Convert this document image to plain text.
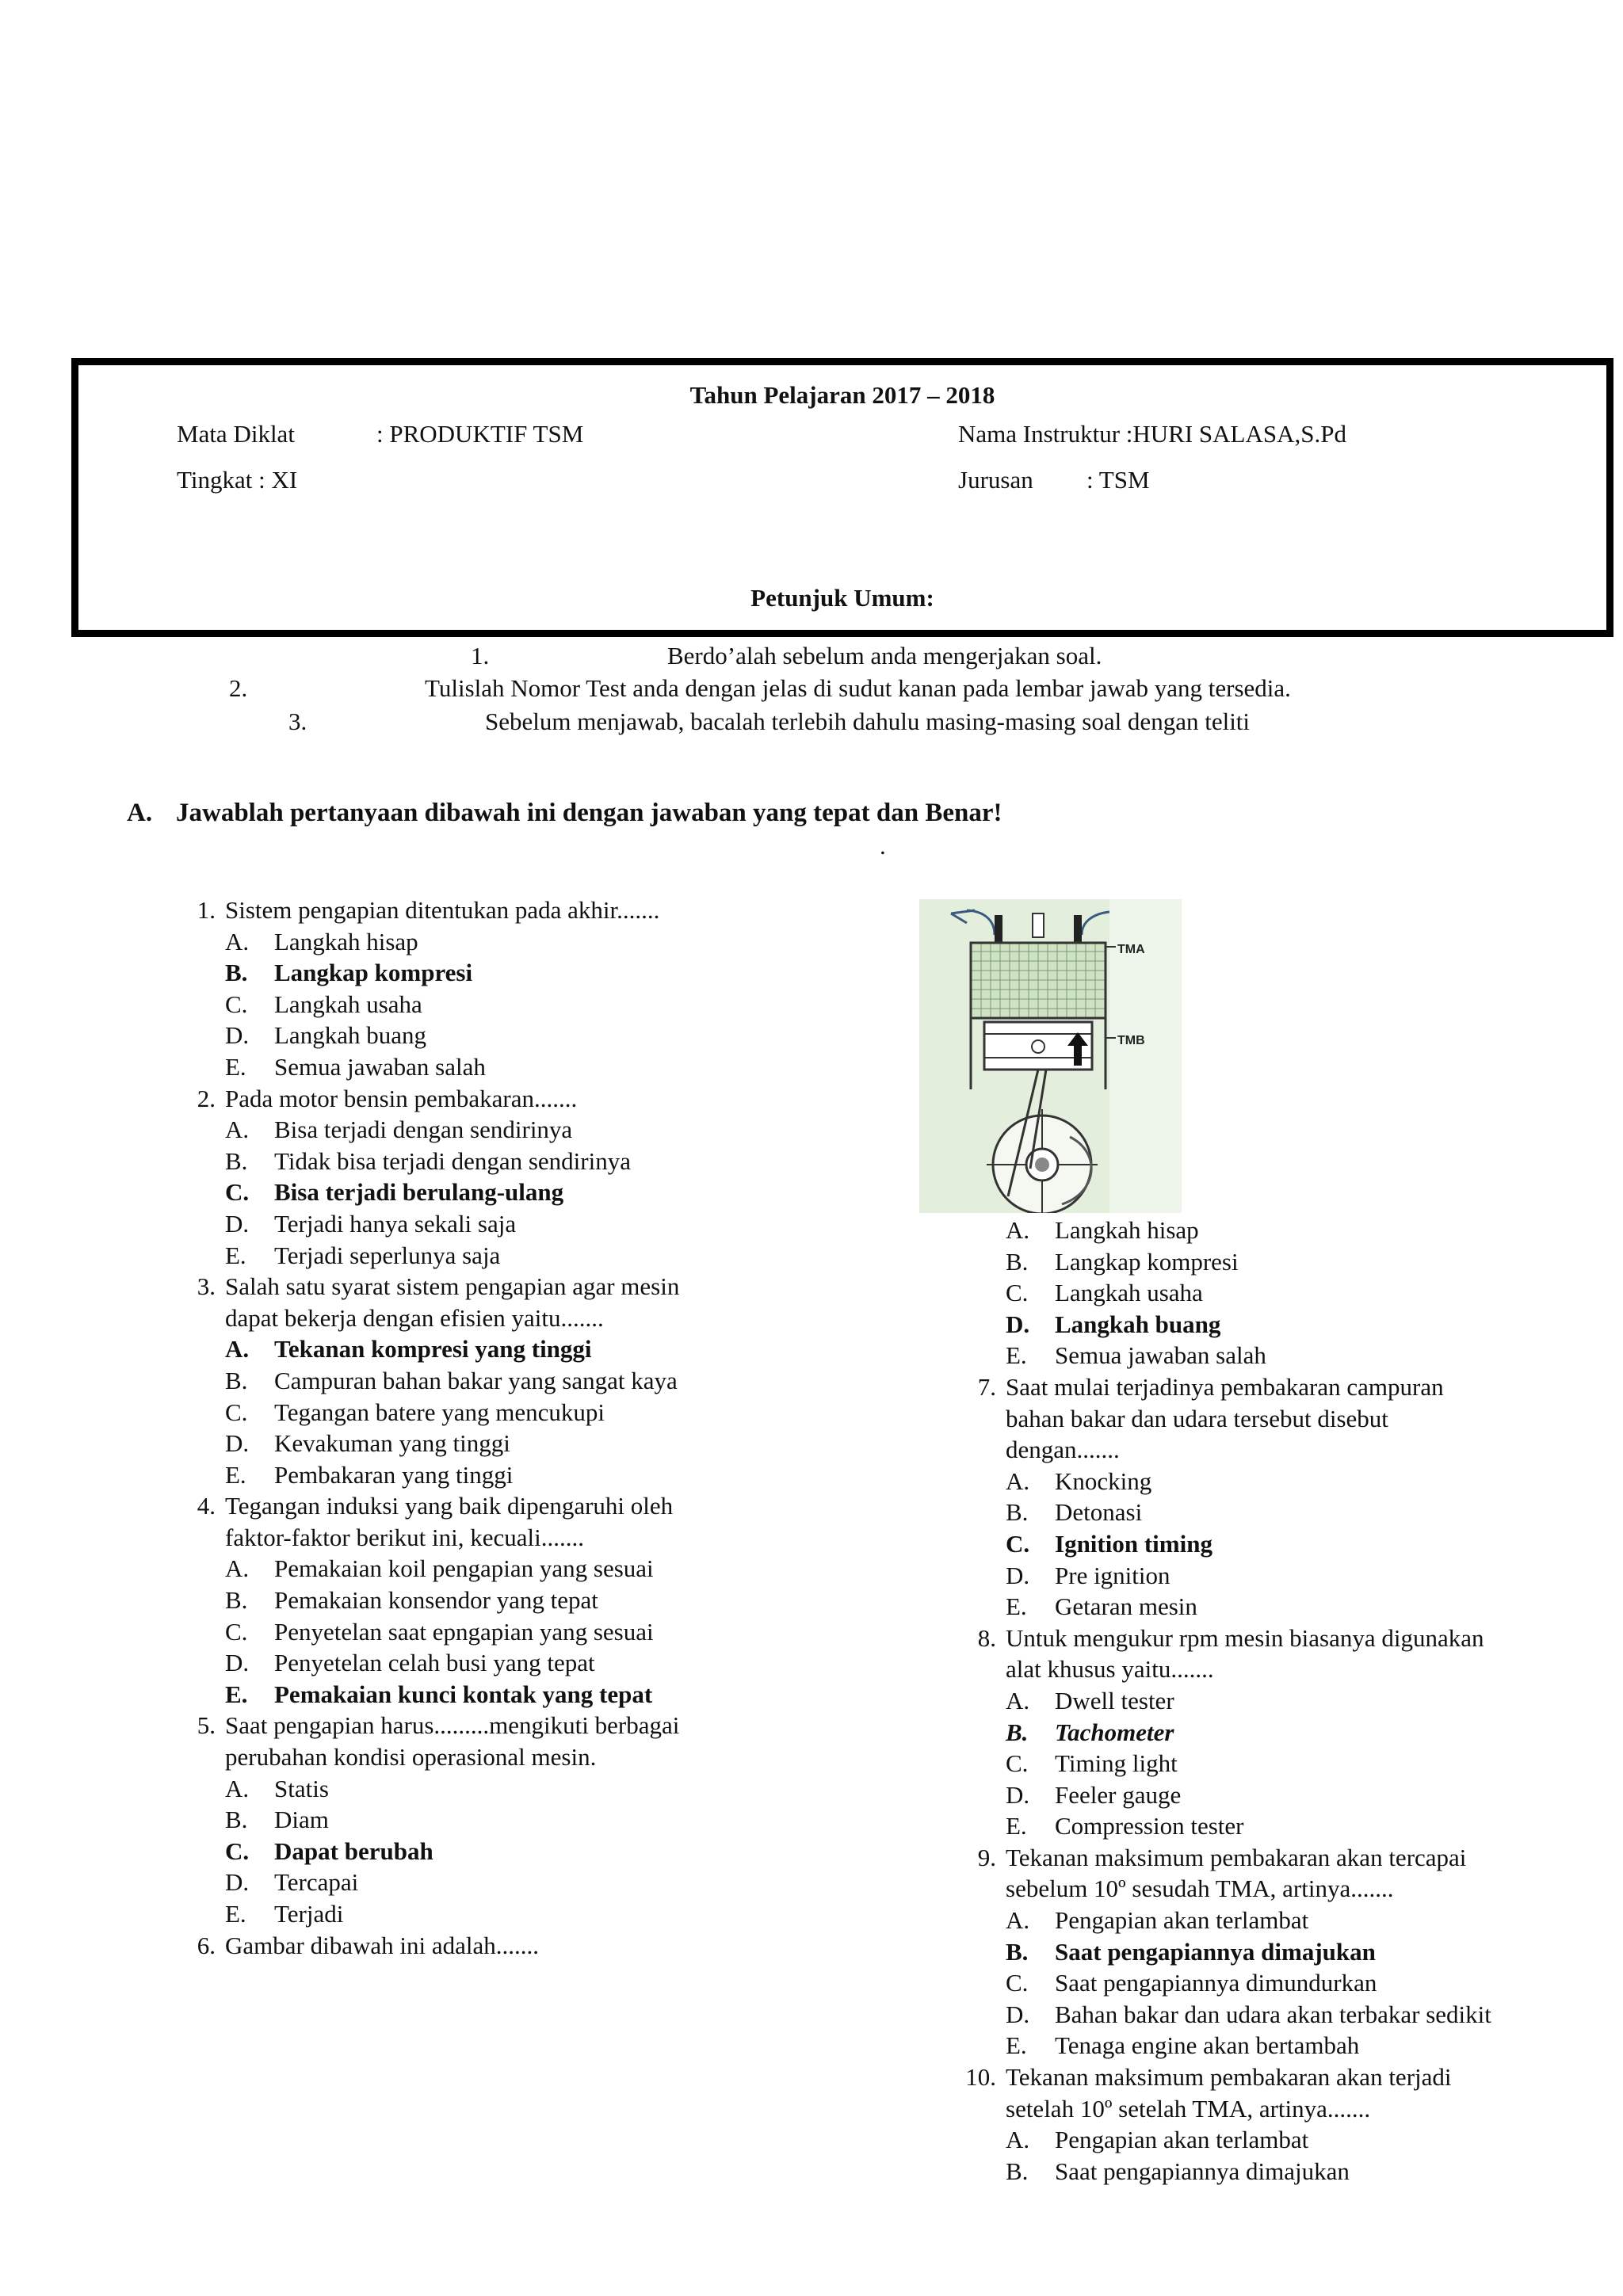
Tahun Pelajaran 2017 – 2018
Mata Diklat	: PRODUKTIF TSM	Nama Instruktur :HURI SALASA,S.Pd
Tingkat : XI	Jurusan : TSM
Petunjuk Umum:
1.	Berdo’alah sebelum anda mengerjakan soal.
2.	Tulislah Nomor Test anda dengan jelas di sudut kanan pada lembar jawab yang tersedia.
3.	Sebelum menjawab, bacalah terlebih dahulu masing-masing soal dengan teliti
A. Jawablah pertanyaan dibawah ini dengan jawaban yang tepat dan Benar!
.
1. Sistem pengapian ditentukan pada akhir.......
A. Langkah hisap
B. Langkap kompresi
C. Langkah usaha
D. Langkah buang
E. Semua jawaban salah
2. Pada motor bensin pembakaran.......
A. Bisa terjadi dengan sendirinya
B. Tidak bisa terjadi dengan sendirinya
C. Bisa terjadi berulang-ulang
D. Terjadi hanya sekali saja
E. Terjadi seperlunya saja
3. Salah satu syarat sistem pengapian agar mesin
dapat bekerja dengan efisien yaitu.......
A. Tekanan kompresi yang tinggi
B. Campuran bahan bakar yang sangat kaya
C. Tegangan batere yang mencukupi
D. Kevakuman yang tinggi
E. Pembakaran yang tinggi
4. Tegangan induksi yang baik dipengaruhi oleh
faktor-faktor berikut ini, kecuali.......
A. Pemakaian koil pengapian yang sesuai
B. Pemakaian konsendor yang tepat
C. Penyetelan saat epngapian yang sesuai
D. Penyetelan celah busi yang tepat
E. Pemakaian kunci kontak yang tepat
5. Saat pengapian harus.........mengikuti berbagai
perubahan kondisi operasional mesin.
A. Statis
B. Diam
C. Dapat berubah
D. Tercapai
E. Terjadi
6. Gambar dibawah ini adalah.......
TMA
TMB
A. Langkah hisap
B. Langkap kompresi
C. Langkah usaha
D. Langkah buang
E. Semua jawaban salah
7. Saat mulai terjadinya pembakaran campuran
bahan bakar dan udara tersebut disebut
dengan.......
A. Knocking
B. Detonasi
C. Ignition timing
D. Pre ignition
E. Getaran mesin
8. Untuk mengukur rpm mesin biasanya digunakan
alat khusus yaitu.......
A. Dwell tester
B. Tachometer
C. Timing light
D. Feeler gauge
E. Compression tester
9. Tekanan maksimum pembakaran akan tercapai
sebelum 10º sesudah TMA, artinya.......
A. Pengapian akan terlambat
B. Saat pengapiannya dimajukan
C. Saat pengapiannya dimundurkan
D. Bahan bakar dan udara akan terbakar sedikit
E. Tenaga engine akan bertambah
10. Tekanan maksimum pembakaran akan terjadi
setelah 10º setelah TMA, artinya.......
A. Pengapian akan terlambat
B. Saat pengapiannya dimajukan
